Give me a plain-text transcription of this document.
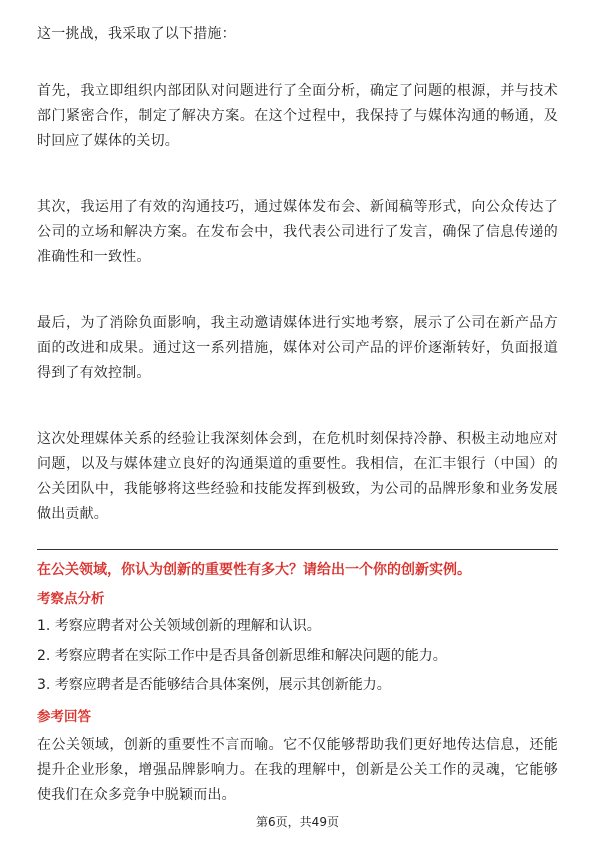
这一挑战，我采取了以下措施：

首先，我立即组织内部团队对问题进行了全面分析，确定了问题的根源，并与技术部门紧密合作，制定了解决方案。在这个过程中，我保持了与媒体沟通的畅通，及时回应了媒体的关切。

其次，我运用了有效的沟通技巧，通过媒体发布会、新闻稿等形式，向公众传达了公司的立场和解决方案。在发布会中，我代表公司进行了发言，确保了信息传递的准确性和一致性。

最后，为了消除负面影响，我主动邀请媒体进行实地考察，展示了公司在新产品方面的改进和成果。通过这一系列措施，媒体对公司产品的评价逐渐转好，负面报道得到了有效控制。

这次处理媒体关系的经验让我深刻体会到，在危机时刻保持冷静、积极主动地应对问题，以及与媒体建立良好的沟通渠道的重要性。我相信，在汇丰银行（中国）的公关团队中，我能够将这些经验和技能发挥到极致，为公司的品牌形象和业务发展做出贡献。

在公关领域，你认为创新的重要性有多大？请给出一个你的创新实例。

考察点分析

1. 考察应聘者对公关领域创新的理解和认识。

2. 考察应聘者在实际工作中是否具备创新思维和解决问题的能力。

3. 考察应聘者是否能够结合具体案例，展示其创新能力。

参考回答

在公关领域，创新的重要性不言而喻。它不仅能够帮助我们更好地传达信息，还能提升企业形象，增强品牌影响力。在我的理解中，创新是公关工作的灵魂，它能够使我们在众多竞争中脱颖而出。

第6页，共49页
